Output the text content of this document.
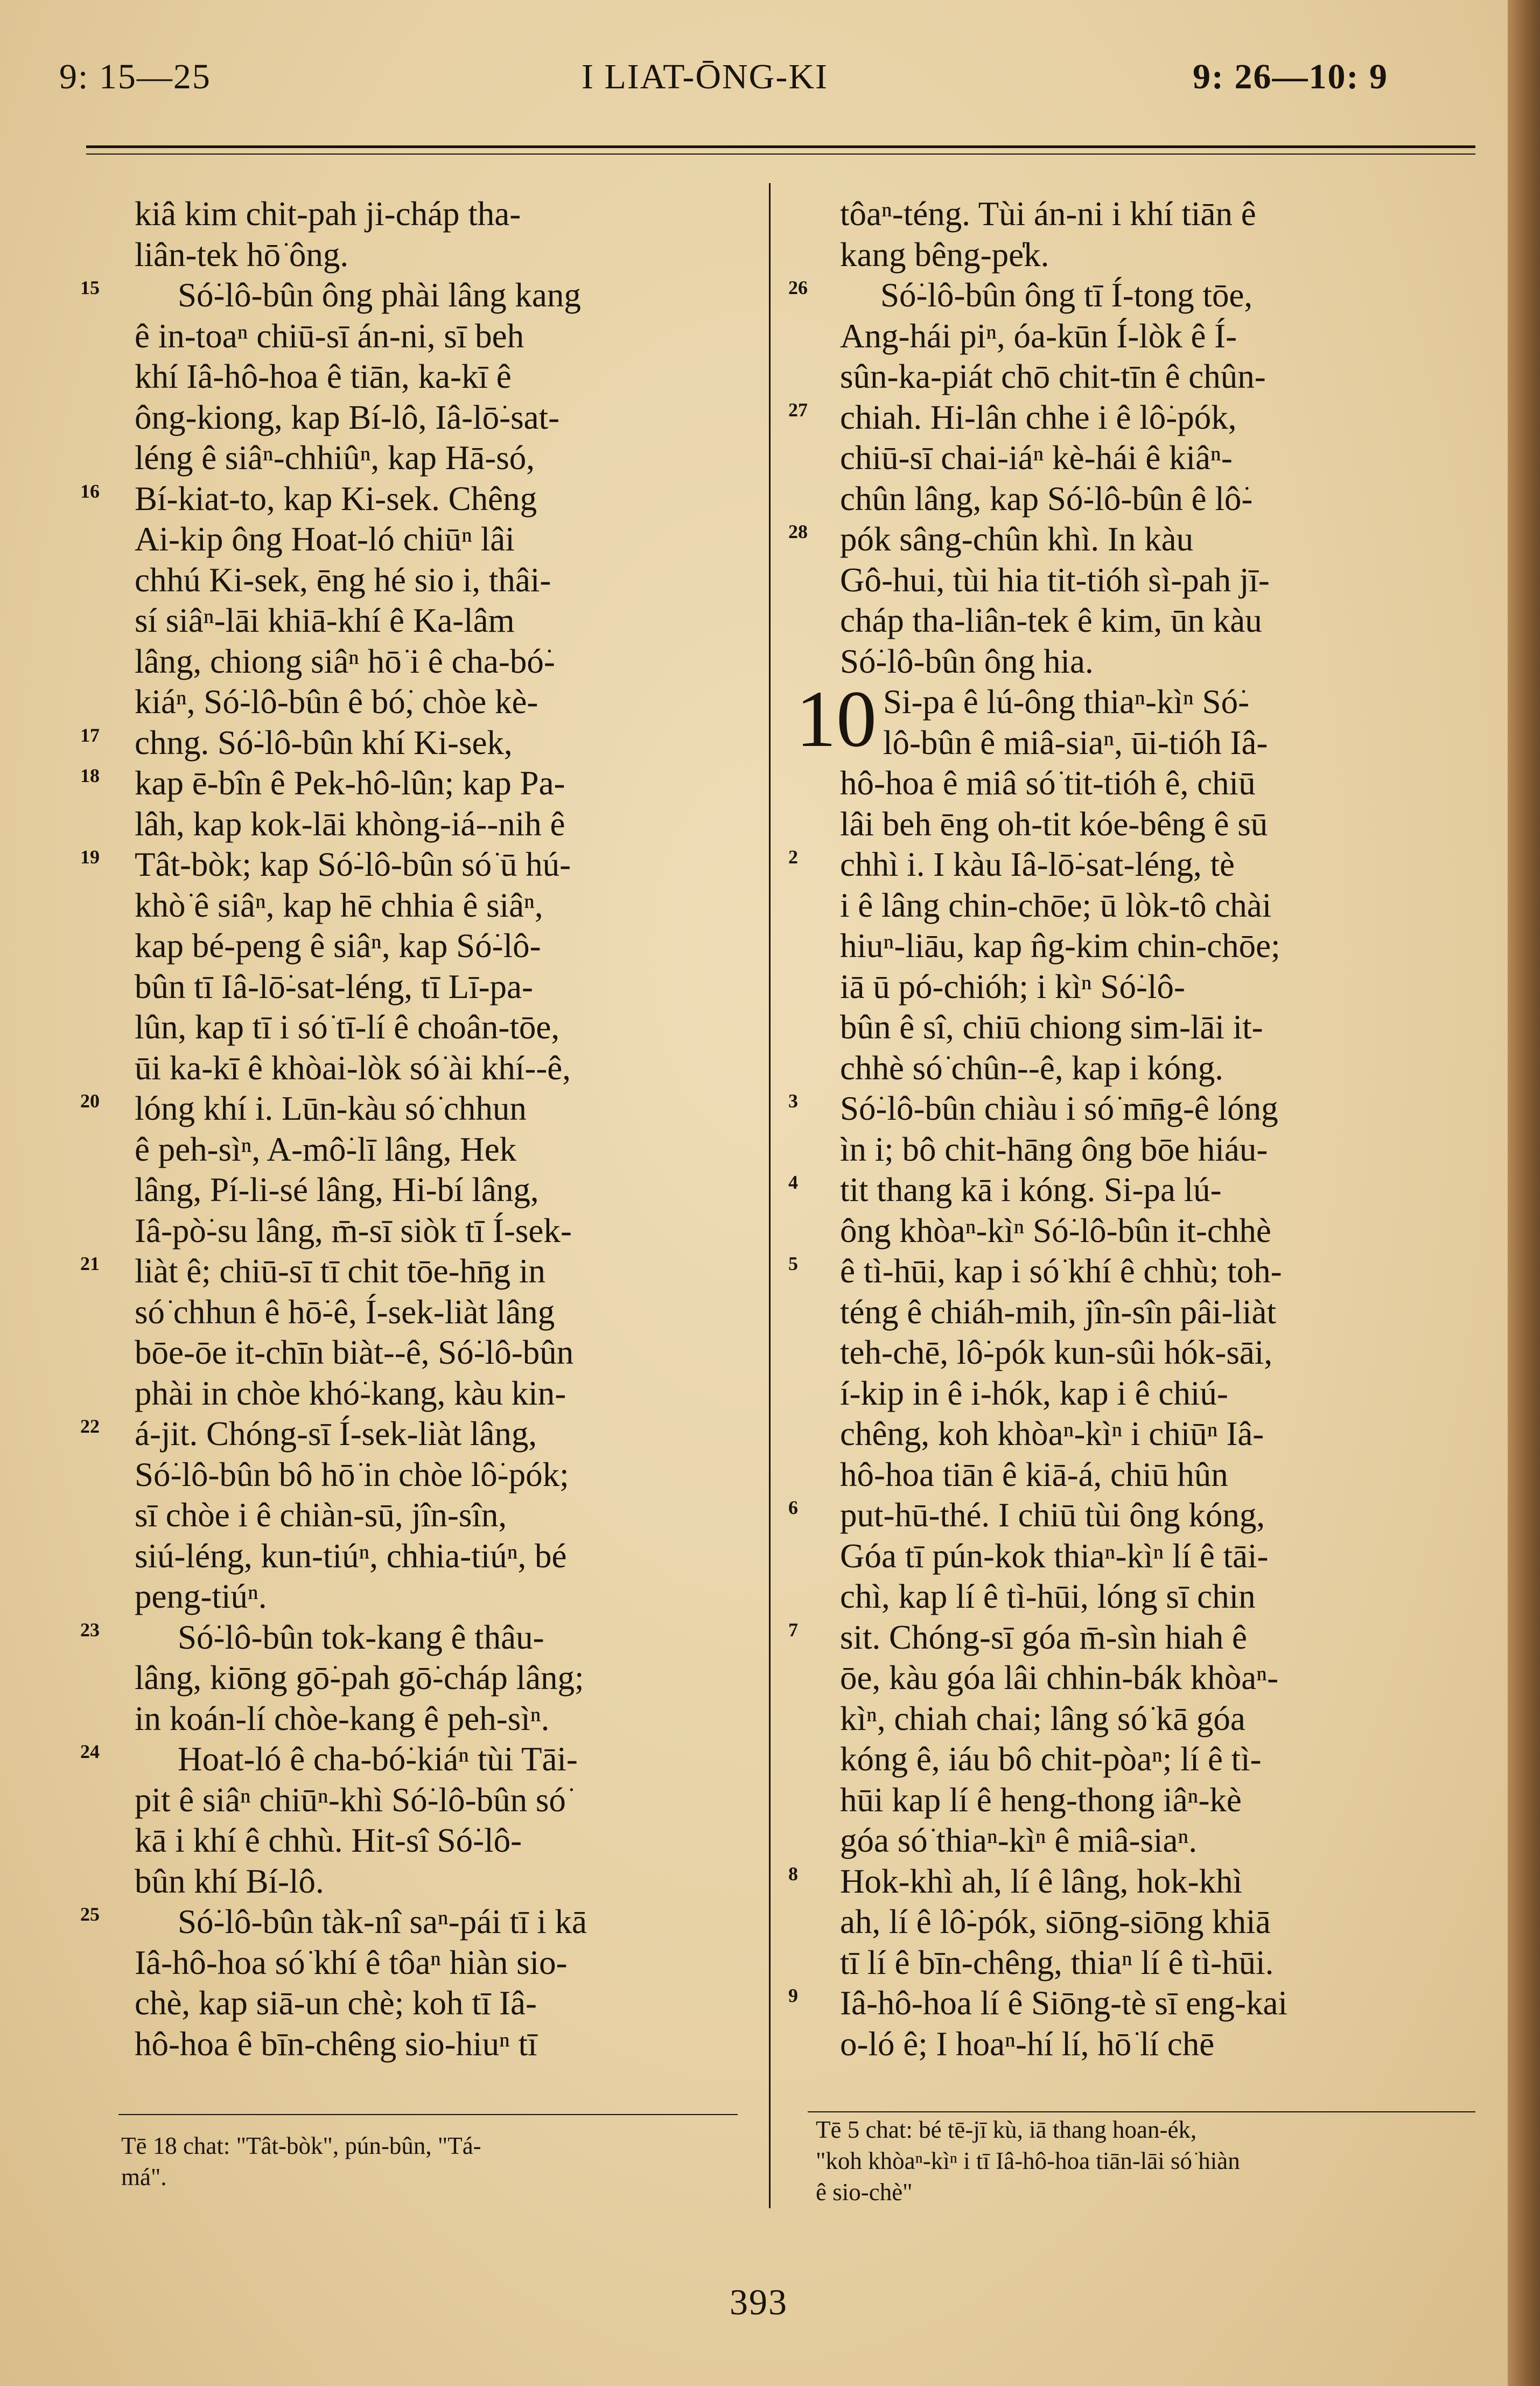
9: 15—25	I LIAT-ŌNG-KI	9: 26—10: 9
kiâ kim chit-pah ji-cháp tha-
liân-tek hō͘ ông.
15 Só͘-lô-bûn ông phài lâng kang
ê in-toaⁿ chiū-sī án-ni, sī beh
khí Iâ-hô-hoa ê tiān, ka-kī ê
ông-kiong, kap Bí-lô, Iâ-lō͘-sat-
léng ê siâⁿ-chhiûⁿ, kap Hā-só,
16 Bí-kiat-to, kap Ki-sek. Chêng
Ai-kip ông Hoat-ló chiūⁿ lâi
chhú Ki-sek, ēng hé sio i, thâi-
sí siâⁿ-lāi khiā-khí ê Ka-lâm
lâng, chiong siâⁿ hō͘ i ê cha-bó͘-
kiáⁿ, Só͘-lô-bûn ê bó͘, chòe kè-
17 chng. Só͘-lô-bûn khí Ki-sek,
18 kap ē-bîn ê Pek-hô-lûn; kap Pa-
lâh, kap kok-lāi khòng-iá--nih ê
19 Tât-bòk; kap Só͘-lô-bûn só͘ ū hú-
khò͘ ê siâⁿ, kap hē chhia ê siâⁿ,
kap bé-peng ê siâⁿ, kap Só͘-lô-
bûn tī Iâ-lō͘-sat-léng, tī Lī-pa-
lûn, kap tī i só͘ tī-lí ê choân-tōe,
ūi ka-kī ê khòai-lòk só͘ ài khí--ê,
20 lóng khí i. Lūn-kàu só͘ chhun
ê peh-sìⁿ, A-mô͘-lī lâng, Hek
lâng, Pí-li-sé lâng, Hi-bí lâng,
Iâ-pò͘-su lâng, m̄-sī siòk tī Í-sek-
21 liàt ê; chiū-sī tī chit tōe-hn̄g in
só͘ chhun ê hō͘-ê, Í-sek-liàt lâng
bōe-ōe it-chīn biàt--ê, Só͘-lô-bûn
phài in chòe khó͘-kang, kàu kin-
22 á-jit. Chóng-sī Í-sek-liàt lâng,
Só͘-lô-bûn bô hō͘ in chòe lô͘-pók;
sī chòe i ê chiàn-sū, jîn-sîn,
siú-léng, kun-tiúⁿ, chhia-tiúⁿ, bé
peng-tiúⁿ.
23 Só͘-lô-bûn tok-kang ê thâu-
lâng, kiōng gō͘-pah gō͘-cháp lâng;
in koán-lí chòe-kang ê peh-sìⁿ.
24 Hoat-ló ê cha-bó͘-kiáⁿ tùi Tāi-
pit ê siâⁿ chiūⁿ-khì Só͘-lô-bûn só͘
kā i khí ê chhù. Hit-sî Só͘-lô-
bûn khí Bí-lô.
25 Só͘-lô-bûn tàk-nî saⁿ-pái tī i kā
Iâ-hô-hoa só͘ khí ê tôaⁿ hiàn sio-
chè, kap siā-un chè; koh tī Iâ-
hô-hoa ê bīn-chêng sio-hiuⁿ tī
tôaⁿ-téng. Tùi án-ni i khí tiān ê
kang bêng-pe̍k.
26 Só͘-lô-bûn ông tī Í-tong tōe,
Ang-hái piⁿ, óa-kūn Í-lòk ê Í-
sûn-ka-piát chō chit-tīn ê chûn-
27 chiah. Hi-lân chhe i ê lô͘-pók,
chiū-sī chai-iáⁿ kè-hái ê kiâⁿ-
chûn lâng, kap Só͘-lô-bûn ê lô͘-
28 pók sâng-chûn khì. In kàu
Gô-hui, tùi hia tit-tióh sì-pah jī-
cháp tha-liân-tek ê kim, ūn kàu
Só͘-lô-bûn ông hia.
Si-pa ê lú-ông thiaⁿ-kìⁿ Só͘-
lô-bûn ê miâ-siaⁿ, ūi-tióh Iâ-
hô-hoa ê miâ só͘ tit-tióh ê, chiū
lâi beh ēng oh-tit kóe-bêng ê sū
2 chhì i. I kàu Iâ-lō͘-sat-léng, tè
i ê lâng chin-chōe; ū lòk-tô chài
hiuⁿ-liāu, kap n̂g-kim chin-chōe;
iā ū pó-chióh; i kìⁿ Só͘-lô-
bûn ê sî, chiū chiong sim-lāi it-
chhè só͘ chûn--ê, kap i kóng.
3 Só͘-lô-bûn chiàu i só͘ mn̄g-ê lóng
ìn i; bô chit-hāng ông bōe hiáu-
4 tit thang kā i kóng. Si-pa lú-
ông khòaⁿ-kìⁿ Só͘-lô-bûn it-chhè
5 ê tì-hūi, kap i só͘ khí ê chhù; toh-
téng ê chiáh-mih, jîn-sîn pâi-liàt
teh-chē, lô͘-pók kun-sûi hók-sāi,
í-kip in ê i-hók, kap i ê chiú-
chêng, koh khòaⁿ-kìⁿ i chiūⁿ Iâ-
hô-hoa tiān ê kiā-á, chiū hûn
6 put-hū-thé. I chiū tùi ông kóng,
Góa tī pún-kok thiaⁿ-kìⁿ lí ê tāi-
chì, kap lí ê tì-hūi, lóng sī chin
7 sit. Chóng-sī góa m̄-sìn hiah ê
ōe, kàu góa lâi chhin-bák khòaⁿ-
kìⁿ, chiah chai; lâng só͘ kā góa
kóng ê, iáu bô chit-pòaⁿ; lí ê tì-
hūi kap lí ê heng-thong iâⁿ-kè
góa só͘ thiaⁿ-kìⁿ ê miâ-siaⁿ.
8 Hok-khì ah, lí ê lâng, hok-khì
ah, lí ê lô͘-pók, siōng-siōng khiā
tī lí ê bīn-chêng, thiaⁿ lí ê tì-hūi.
9 Iâ-hô-hoa lí ê Siōng-tè sī eng-kai
o-ló ê; I hoaⁿ-hí lí, hō͘ lí chē
10
Tē 18 chat: "Tât-bòk", pún-bûn, "Tá-
má".
Tē 5 chat: bé tē-jī kù, iā thang hoan-ék,
"koh khòaⁿ-kìⁿ i tī Iâ-hô-hoa tiān-lāi só͘ hiàn
ê sio-chè"
393
